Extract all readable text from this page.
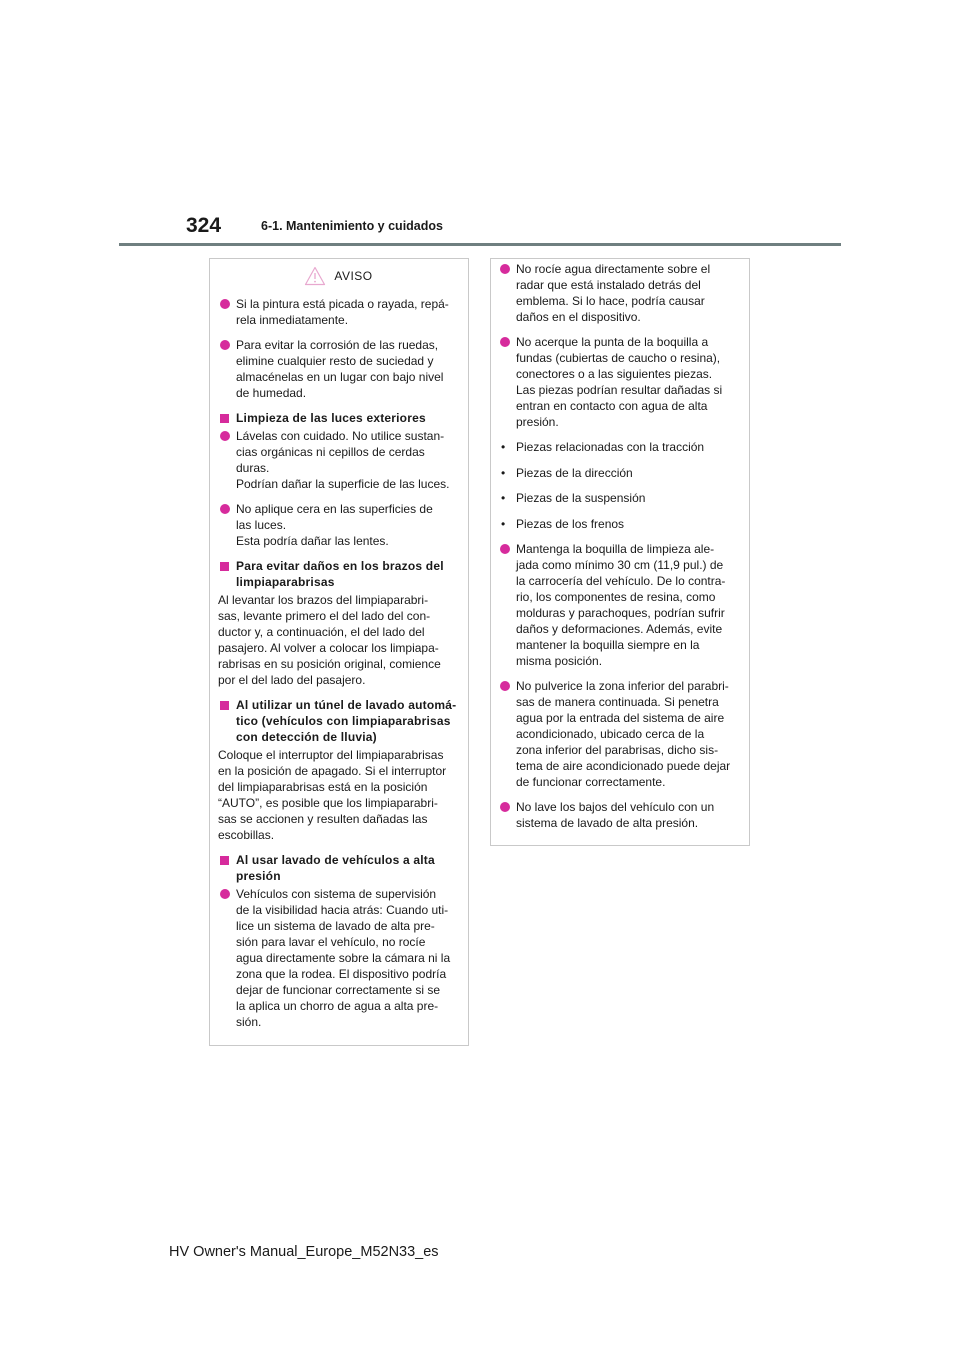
324	6-1. Mantenimiento y cuidados
AVISO
Si la pintura está picada o rayada, repá-
rela inmediatamente.
Para evitar la corrosión de las ruedas,
elimine cualquier resto de suciedad y
almacénelas en un lugar con bajo nivel
de humedad.
Limpieza de las luces exteriores
Lávelas con cuidado. No utilice sustan-
cias orgánicas ni cepillos de cerdas
duras.
Podrían dañar la superficie de las luces.
No aplique cera en las superficies de
las luces.
Esta podría dañar las lentes.
Para evitar daños en los brazos del
limpiaparabrisas
Al levantar los brazos del limpiaparabri-
sas, levante primero el del lado del con-
ductor y, a continuación, el del lado del
pasajero. Al volver a colocar los limpiapa-
rabrisas en su posición original, comience
por el del lado del pasajero.
Al utilizar un túnel de lavado automá-
tico (vehículos con limpiaparabrisas
con detección de lluvia)
Coloque el interruptor del limpiaparabrisas
en la posición de apagado. Si el interruptor
del limpiaparabrisas está en la posición
“AUTO”, es posible que los limpiaparabri-
sas se accionen y resulten dañadas las
escobillas.
Al usar lavado de vehículos a alta
presión
Vehículos con sistema de supervisión
de la visibilidad hacia atrás: Cuando uti-
lice un sistema de lavado de alta pre-
sión para lavar el vehículo, no rocíe
agua directamente sobre la cámara ni la
zona que la rodea. El dispositivo podría
dejar de funcionar correctamente si se
la aplica un chorro de agua a alta pre-
sión.
No rocíe agua directamente sobre el
radar que está instalado detrás del
emblema. Si lo hace, podría causar
daños en el dispositivo.
No acerque la punta de la boquilla a
fundas (cubiertas de caucho o resina),
conectores o a las siguientes piezas.
Las piezas podrían resultar dañadas si
entran en contacto con agua de alta
presión.
• Piezas relacionadas con la tracción
• Piezas de la dirección
• Piezas de la suspensión
• Piezas de los frenos
Mantenga la boquilla de limpieza ale-
jada como mínimo 30 cm (11,9 pul.) de
la carrocería del vehículo. De lo contra-
rio, los componentes de resina, como
molduras y parachoques, podrían sufrir
daños y deformaciones. Además, evite
mantener la boquilla siempre en la
misma posición.
No pulverice la zona inferior del parabri-
sas de manera continuada. Si penetra
agua por la entrada del sistema de aire
acondicionado, ubicado cerca de la
zona inferior del parabrisas, dicho sis-
tema de aire acondicionado puede dejar
de funcionar correctamente.
No lave los bajos del vehículo con un
sistema de lavado de alta presión.
HV Owner's Manual_Europe_M52N33_es
